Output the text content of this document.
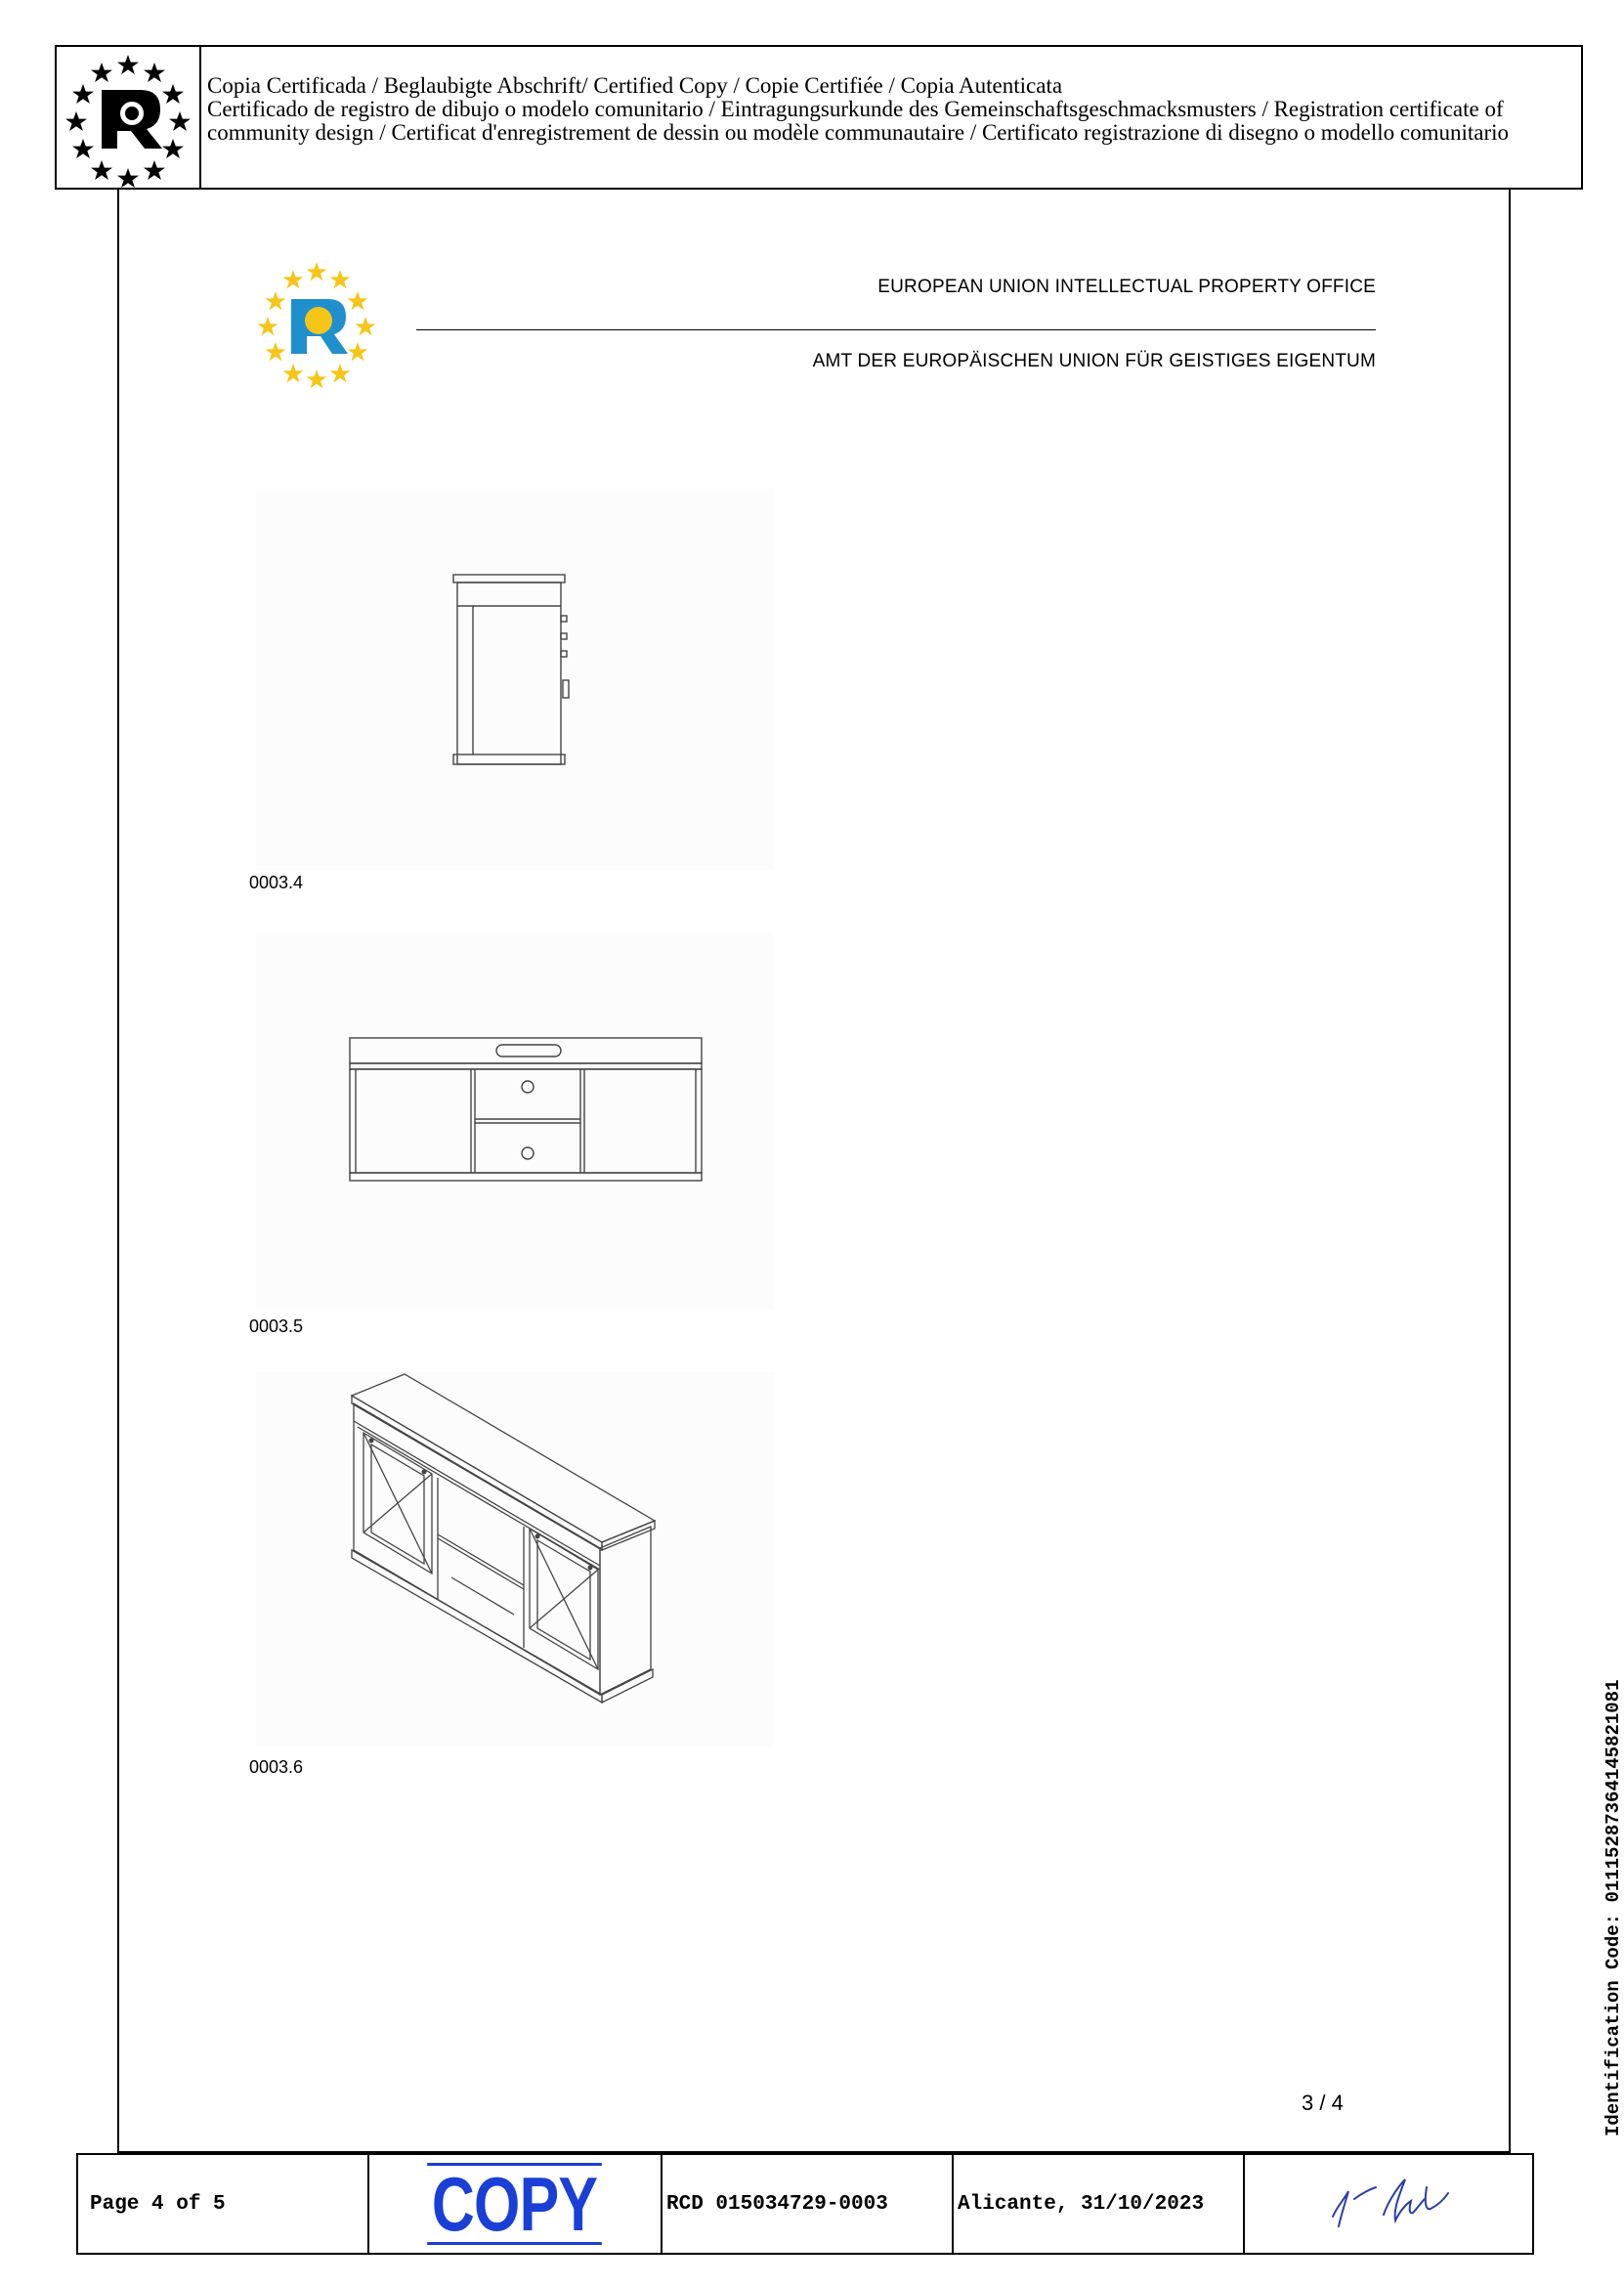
Copia Certificada / Beglaubigte Abschrift/ Certified Copy / Copie Certifiée / Copia Autenticata
Certificado de registro de dibujo o modelo comunitario / Eintragungsurkunde des Gemeinschaftsgeschmacksmusters / Registration certificate of community design / Certificat d'enregistrement de dessin ou modèle communautaire / Certificato registrazione di disegno o modello comunitario
EUROPEAN UNION INTELLECTUAL PROPERTY OFFICE
AMT DER EUROPÄISCHEN UNION FÜR GEISTIGES EIGENTUM
0003.4
0003.5
0003.6
3 / 4	Identification Code: 01115287364145821081
Page 4 of 5	COPY	RCD 015034729-0003	Alicante, 31/10/2023
